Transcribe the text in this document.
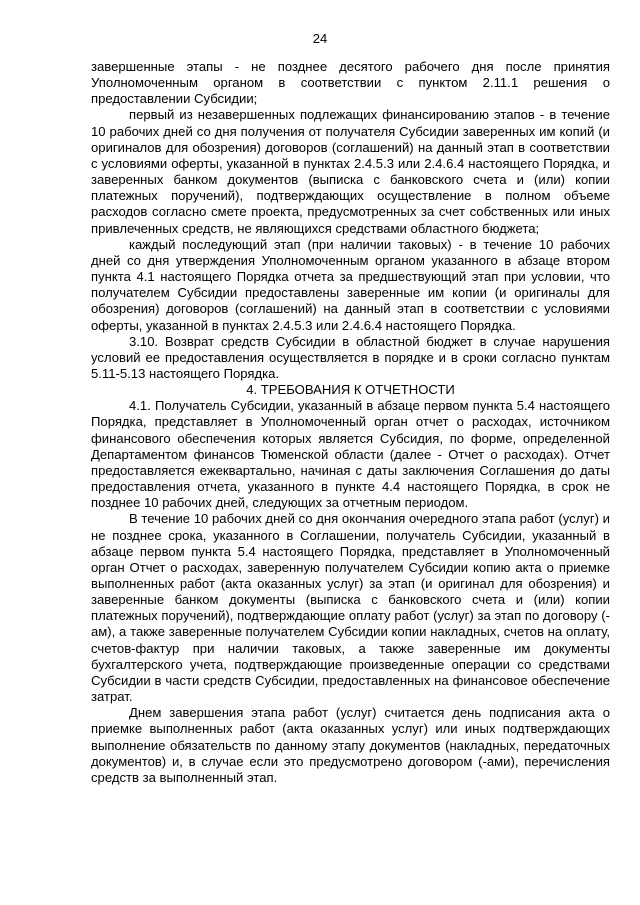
24

завершенные этапы - не позднее десятого рабочего дня после принятия Уполномоченным органом в соответствии с пунктом 2.11.1 решения о предоставлении Субсидии;

первый из незавершенных подлежащих финансированию этапов - в течение 10 рабочих дней со дня получения от получателя Субсидии заверенных им копий (и оригиналов для обозрения) договоров (соглашений) на данный этап в соответствии с условиями оферты, указанной в пунктах 2.4.5.3 или 2.4.6.4 настоящего Порядка, и заверенных банком документов (выписка с банковского счета и (или) копии платежных поручений), подтверждающих осуществление в полном объеме расходов согласно смете проекта, предусмотренных за счет собственных или иных привлеченных средств, не являющихся средствами областного бюджета;

каждый последующий этап (при наличии таковых) - в течение 10 рабочих дней со дня утверждения Уполномоченным органом указанного в абзаце втором пункта 4.1 настоящего Порядка отчета за предшествующий этап при условии, что получателем Субсидии предоставлены заверенные им копии (и оригиналы для обозрения) договоров (соглашений) на данный этап в соответствии с условиями оферты, указанной в пунктах 2.4.5.3 или 2.4.6.4 настоящего Порядка.

3.10. Возврат средств Субсидии в областной бюджет в случае нарушения условий ее предоставления осуществляется в порядке и в сроки согласно пунктам 5.11-5.13 настоящего Порядка.

4. ТРЕБОВАНИЯ К ОТЧЕТНОСТИ

4.1. Получатель Субсидии, указанный в абзаце первом пункта 5.4 настоящего Порядка, представляет в Уполномоченный орган отчет о расходах, источником финансового обеспечения которых является Субсидия, по форме, определенной Департаментом финансов Тюменской области (далее - Отчет о расходах). Отчет предоставляется ежеквартально, начиная с даты заключения Соглашения до даты предоставления отчета, указанного в пункте 4.4 настоящего Порядка, в срок не позднее 10 рабочих дней, следующих за отчетным периодом.

В течение 10 рабочих дней со дня окончания очередного этапа работ (услуг) и не позднее срока, указанного в Соглашении, получатель Субсидии, указанный в абзаце первом пункта 5.4 настоящего Порядка, представляет в Уполномоченный орган Отчет о расходах, заверенную получателем Субсидии копию акта о приемке выполненных работ (акта оказанных услуг) за этап (и оригинал для обозрения) и заверенные банком документы (выписка с банковского счета и (или) копии платежных поручений), подтверждающие оплату работ (услуг) за этап по договору (-ам), а также заверенные получателем Субсидии копии накладных, счетов на оплату, счетов-фактур при наличии таковых, а также заверенные им документы бухгалтерского учета, подтверждающие произведенные операции со средствами Субсидии в части средств Субсидии, предоставленных на финансовое обеспечение затрат.

Днем завершения этапа работ (услуг) считается день подписания акта о приемке выполненных работ (акта оказанных услуг) или иных подтверждающих выполнение обязательств по данному этапу документов (накладных, передаточных документов) и, в случае если это предусмотрено договором (-ами), перечисления средств за выполненный этап.
